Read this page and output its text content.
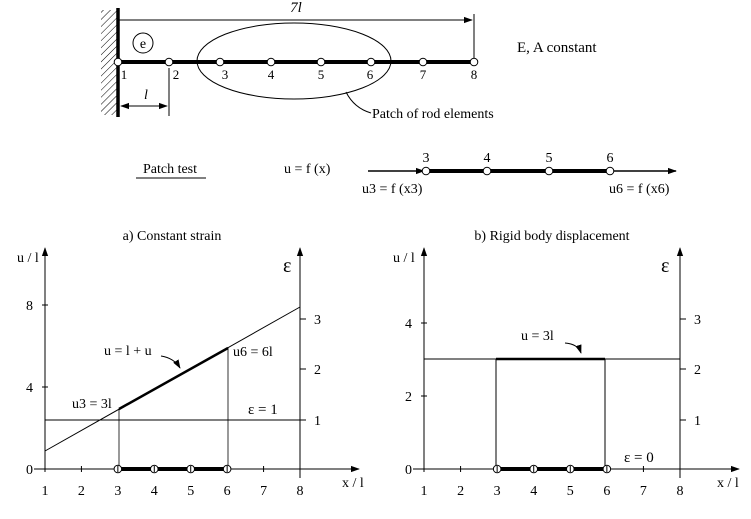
7l
e
1	2	3	4	5	6	7	8
l
Patch of rod elements
E, A constant
Patch test	u = f (x)
3	4	5	6
u3 = f (x3)	u6 = f (x6)
a) Constant strain
u / l	ε
x / l
u = l + u
u3 = 3l
u6 = 6l
ε = 1
1 2 3 4 5 6 7 8
0
4
8
1
2
3
b) Rigid body displacement
u / l	ε
x / l
u = 3l
ε = 0
1 2 3 4 5 6 7 8
0
2
4
1
2
3
